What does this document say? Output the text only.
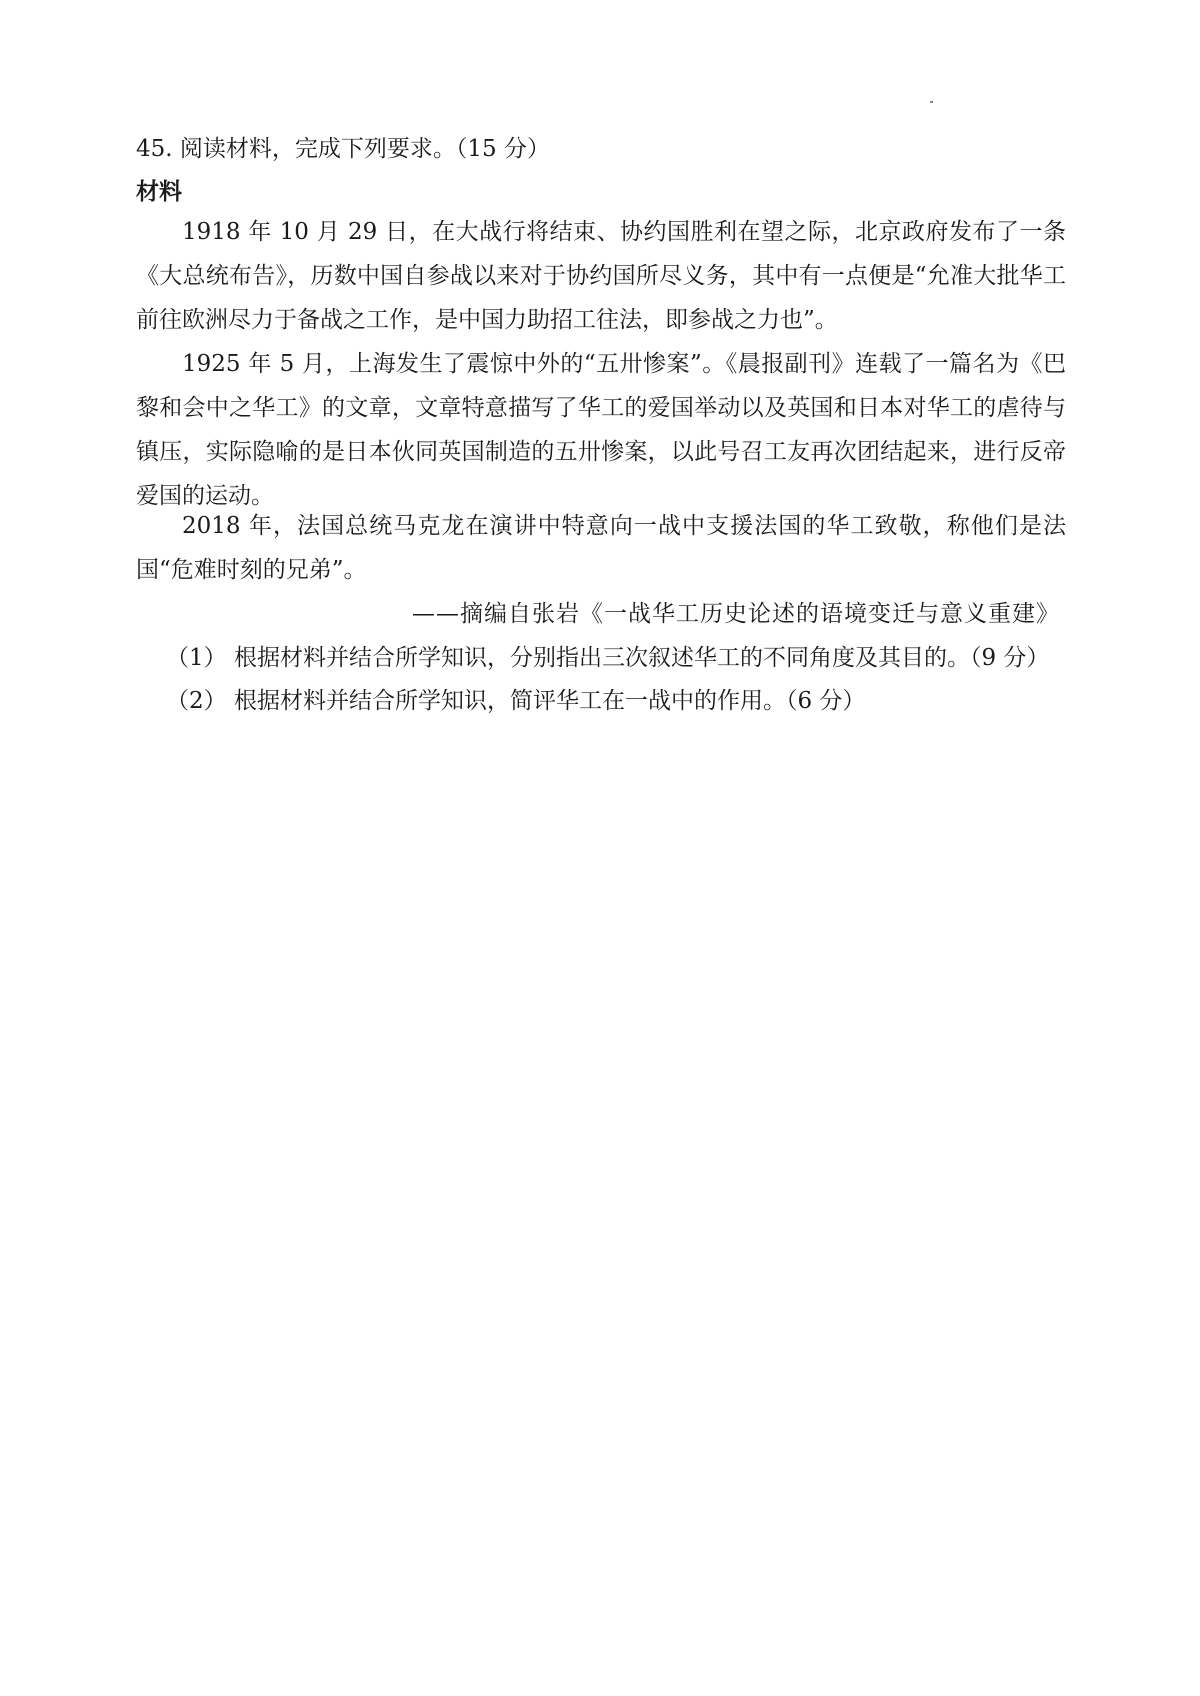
45. 阅读材料，完成下列要求。（15 分）
材料
1918 年 10 月 29 日，在大战行将结束、协约国胜利在望之际，北京政府发布了一条《大总统布告》，历数中国自参战以来对于协约国所尽义务，其中有一点便是“允准大批华工前往欧洲尽力于备战之工作，是中国力助招工往法，即参战之力也”。
1925 年 5 月，上海发生了震惊中外的“五卅惨案”。《晨报副刊》连载了一篇名为《巴黎和会中之华工》的文章，文章特意描写了华工的爱国举动以及英国和日本对华工的虐待与镇压，实际隐喻的是日本伙同英国制造的五卅惨案，以此号召工友再次团结起来，进行反帝爱国的运动。
2018 年，法国总统马克龙在演讲中特意向一战中支援法国的华工致敬，称他们是法国“危难时刻的兄弟”。
——摘编自张岩《一战华工历史论述的语境变迁与意义重建》
（1） 根据材料并结合所学知识，分别指出三次叙述华工的不同角度及其目的。（9 分）
（2） 根据材料并结合所学知识，简评华工在一战中的作用。（6 分）
